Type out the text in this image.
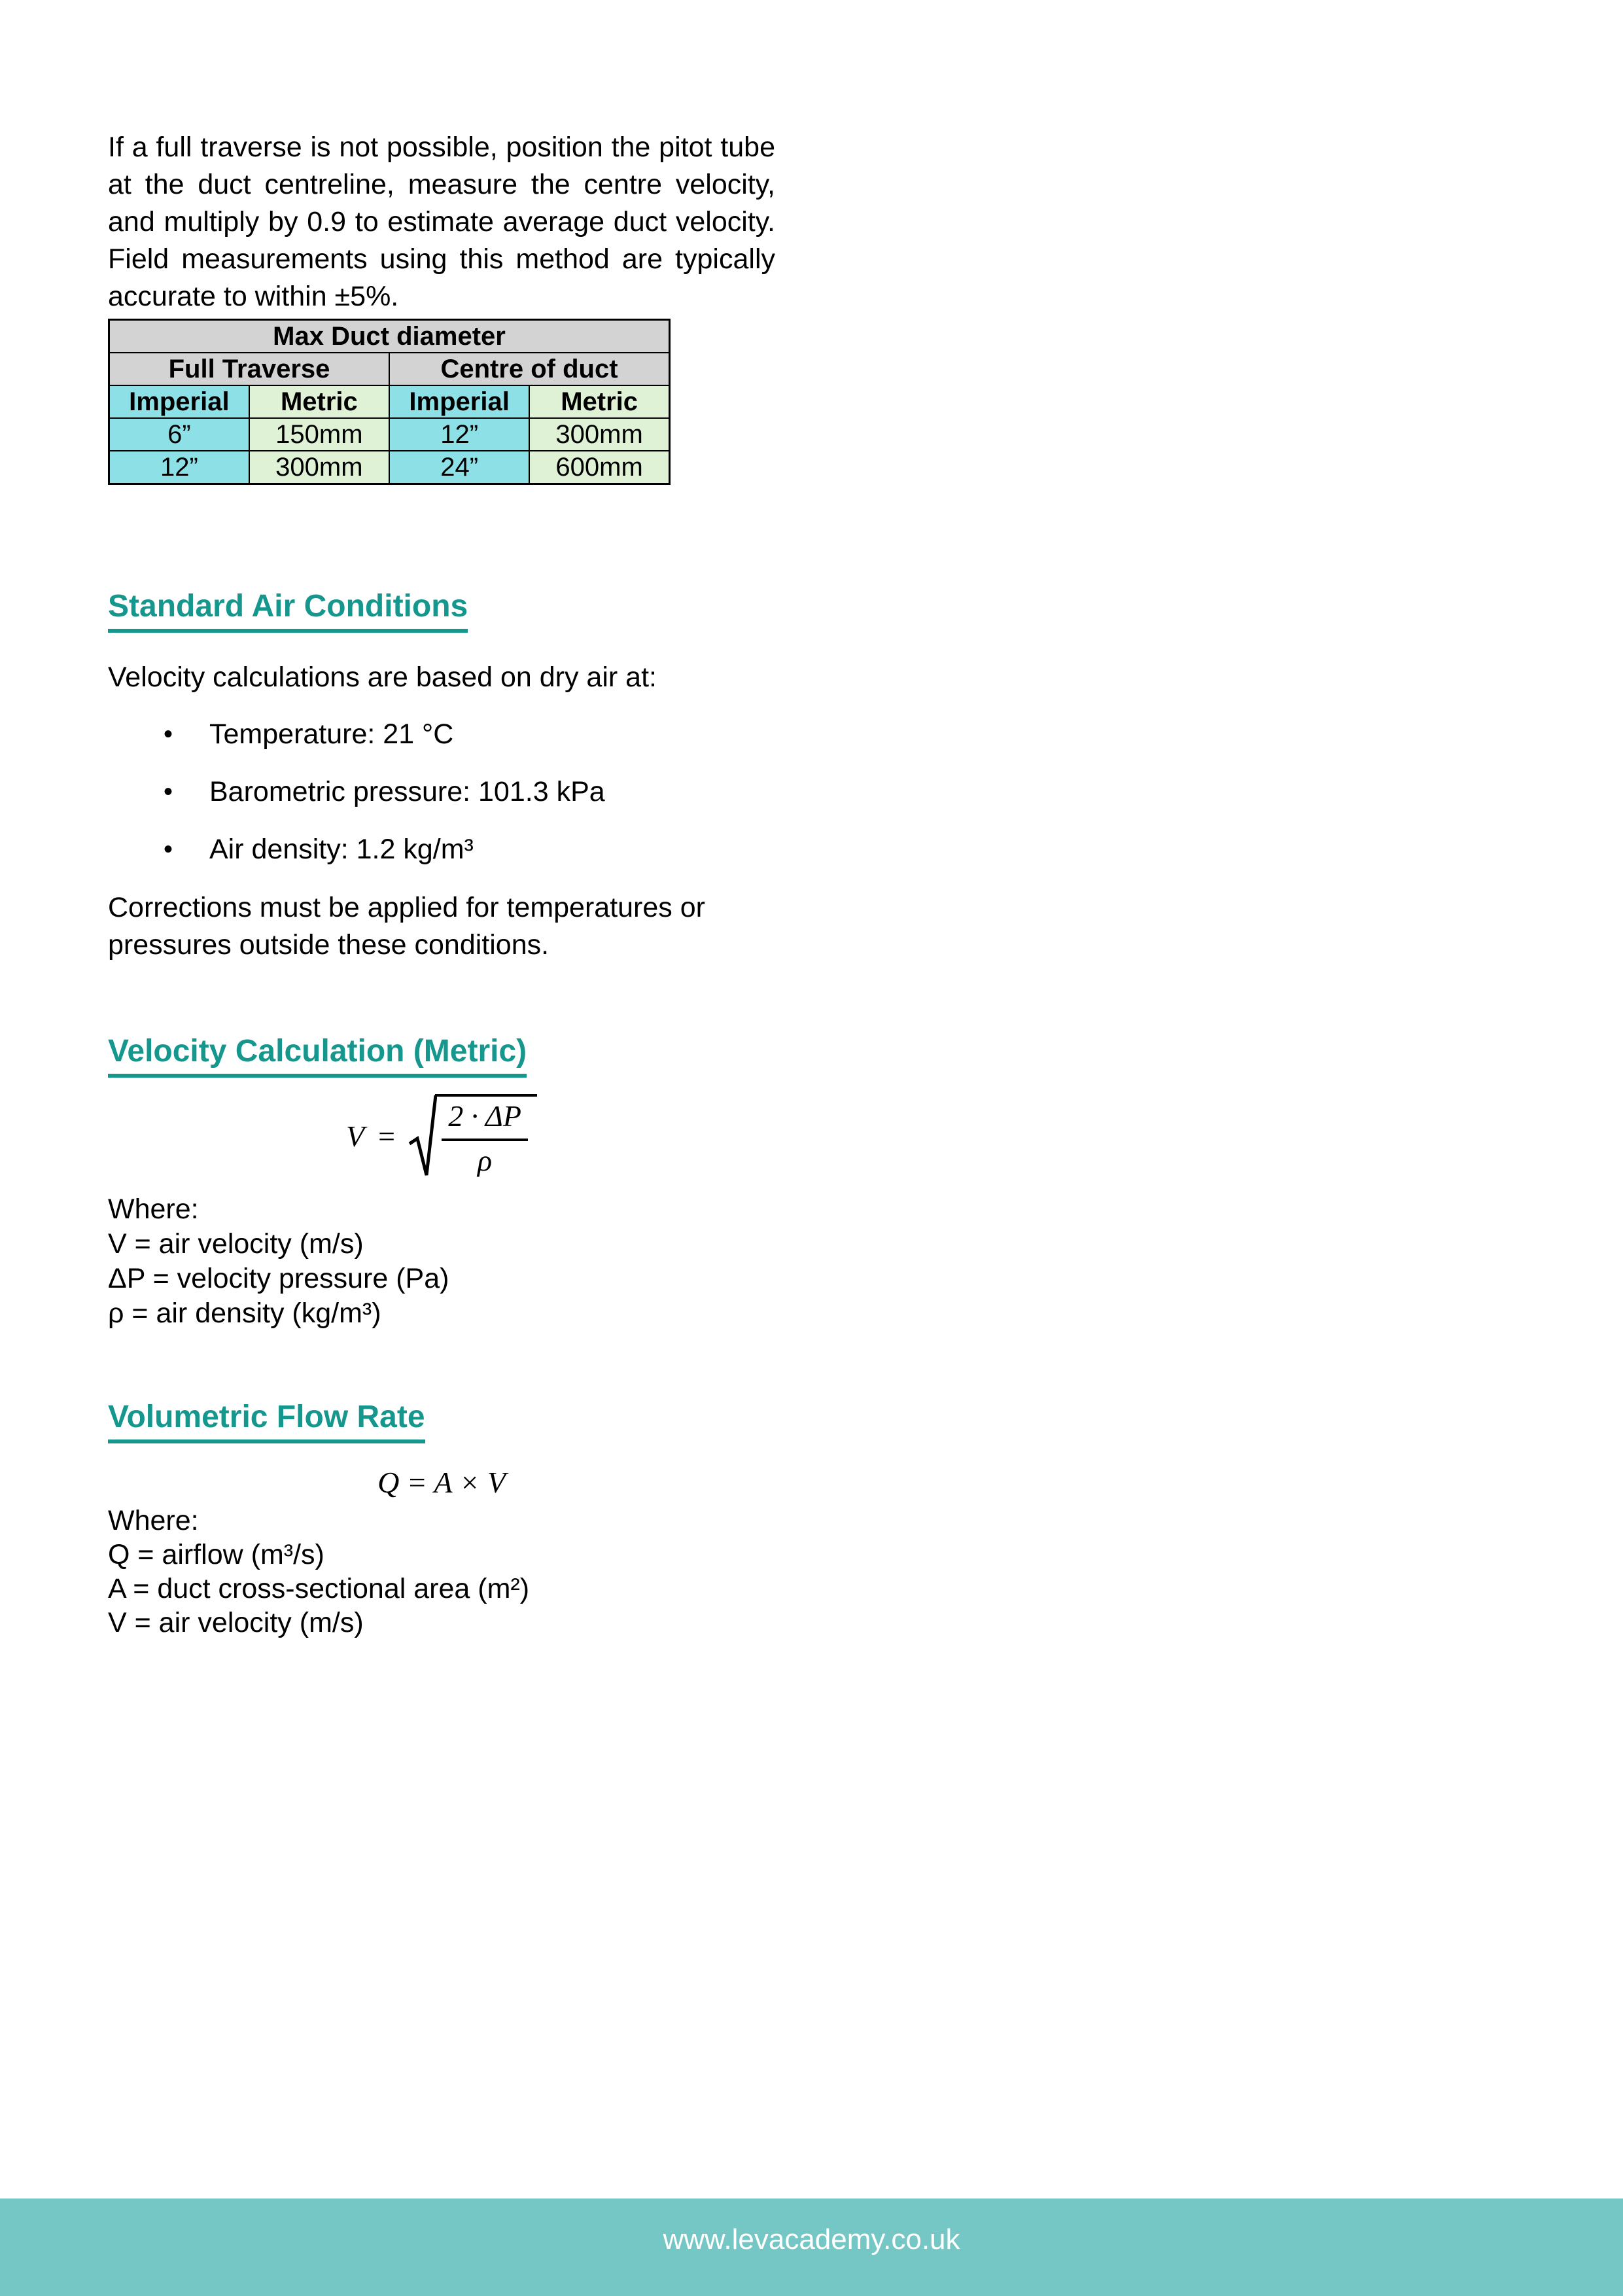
If a full traverse is not possible, position the pitot tube at the duct centreline, measure the centre velocity, and multiply by 0.9 to estimate average duct velocity. Field measurements using this method are typically accurate to within ±5%.

Max Duct diameter			
Full Traverse		Centre of duct	
Imperial	Metric	Imperial	Metric
6”	150mm	12”	300mm
12”	300mm	24”	600mm
Standard Air Conditions

Velocity calculations are based on dry air at:

•	Temperature: 21 °C
•	Barometric pressure: 101.3 kPa
•	Air density: 1.2 kg/m³

Corrections must be applied for temperatures or pressures outside these conditions.

Velocity Calculation (Metric)
$V = \frac{2 \cdot \Delta P}{\rho}$

Where:

V = air velocity (m/s)

ΔP = velocity pressure (Pa)

ρ = air density (kg/m³)

Volumetric Flow Rate
Q = A × V

Where:

Q = airflow (m³/s)

A = duct cross-sectional area (m²)

V = air velocity (m/s)

www.levacademy.co.uk
